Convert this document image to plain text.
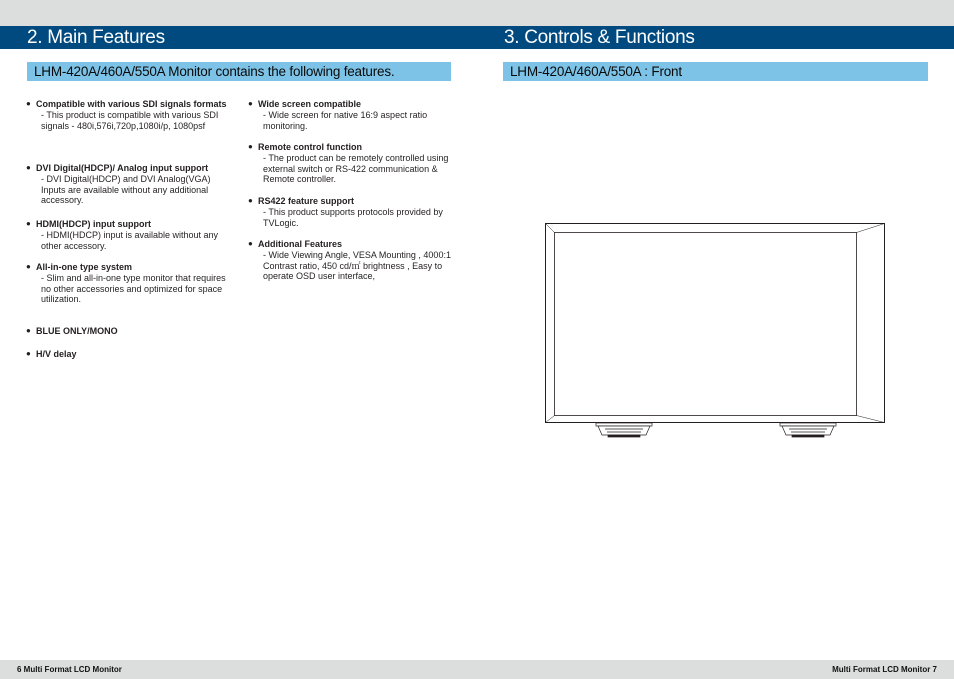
2. Main Features	3. Controls & Functions
LHM-420A/460A/550A Monitor contains the following features.	LHM-420A/460A/550A : Front
● Compatible with various SDI signals formats
- This product is compatible with various SDI signals - 480i,576i,720p,1080i/p, 1080psf
● DVI Digital(HDCP)/ Analog input support
- DVI Digital(HDCP) and DVI Analog(VGA) Inputs are available without any additional accessory.
● HDMI(HDCP) input support
- HDMI(HDCP) input is available without any other accessory.
● All-in-one type system
- Slim and all-in-one type monitor that requires no other accessories and optimized for space utilization.
● BLUE ONLY/MONO
● H/V delay
● Wide screen compatible
- Wide screen for native 16:9 aspect ratio monitoring.
● Remote control function
- The product can be remotely controlled using external switch or RS-422 communication & Remote controller.
● RS422 feature support
- This product supports protocols provided by TVLogic.
● Additional Features
- Wide Viewing Angle, VESA Mounting , 4000:1 Contrast ratio, 450 cd/㎡ brightness , Easy to operate OSD user interface,
6 Multi Format LCD Monitor	Multi Format LCD Monitor 7
